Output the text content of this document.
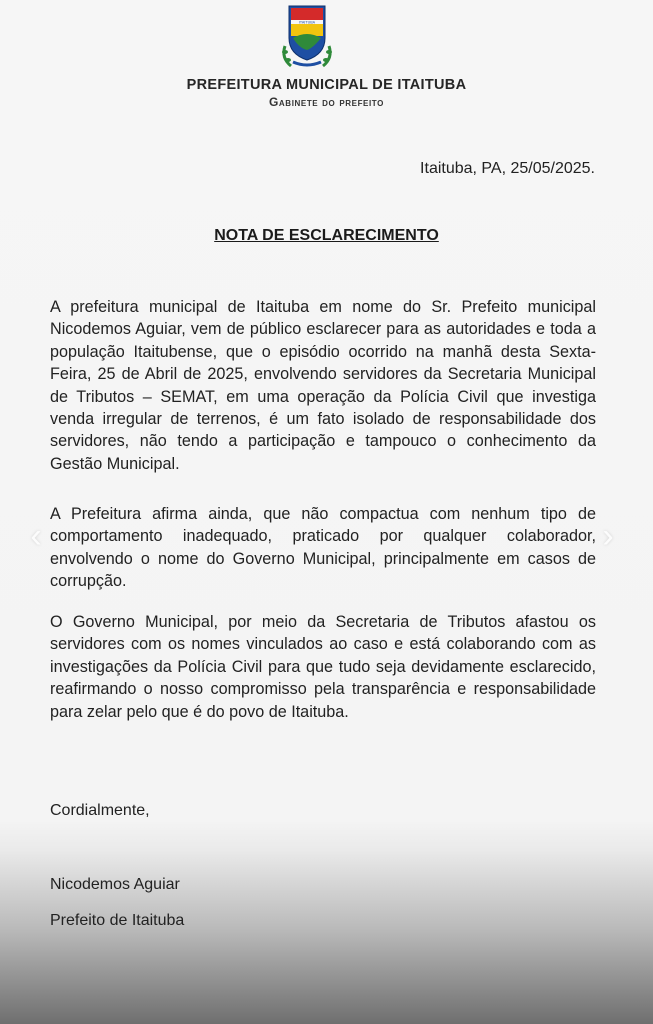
ITAITUBA
PREFEITURA MUNICIPAL DE ITAITUBA
Gabinete do prefeito
Itaituba, PA, 25/05/2025.
NOTA DE ESCLARECIMENTO

A prefeitura municipal de Itaituba em nome do Sr. Prefeito municipal Nicodemos Aguiar, vem de público esclarecer para as autoridades e toda a população Itaitubense, que o episódio ocorrido na manhã desta Sexta-Feira, 25 de Abril de 2025, envolvendo servidores da Secretaria Municipal de Tributos – SEMAT, em uma operação da Polícia Civil que investiga venda irregular de terrenos, é um fato isolado de responsabilidade dos servidores, não tendo a participação e tampouco o conhecimento da Gestão Municipal.

A Prefeitura afirma ainda, que não compactua com nenhum tipo de comportamento inadequado, praticado por qualquer colaborador, envolvendo o nome do Governo Municipal, principalmente em casos de corrupção.

O Governo Municipal, por meio da Secretaria de Tributos afastou os servidores com os nomes vinculados ao caso e está colaborando com as investigações da Polícia Civil para que tudo seja devidamente esclarecido, reafirmando o nosso compromisso pela transparência e responsabilidade para zelar pelo que é do povo de Itaituba.

Cordialmente,
Nicodemos Aguiar
Prefeito de Itaituba
‹	›
